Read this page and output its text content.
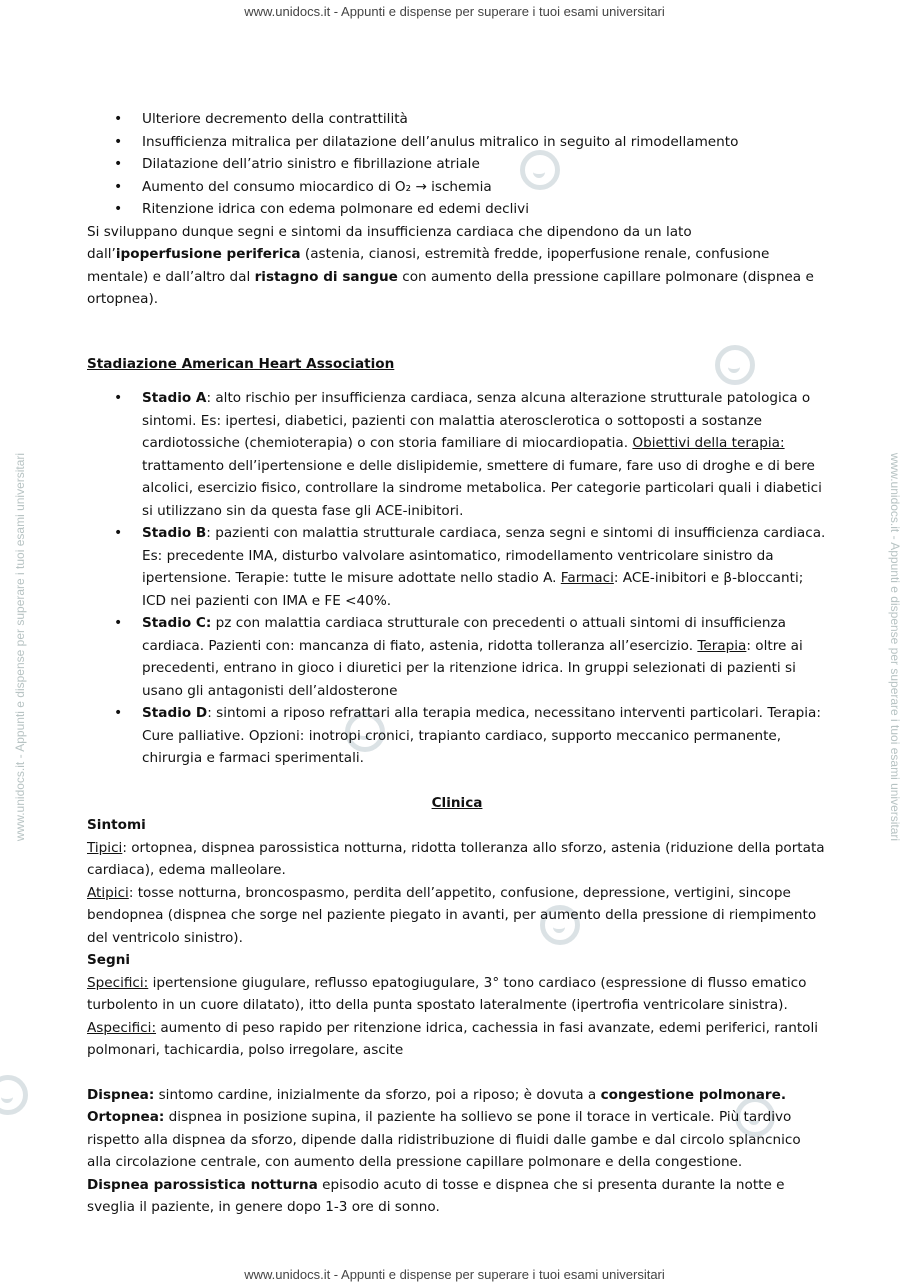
www.unidocs.it - Appunti e dispense per superare i tuoi esami universitari
www.unidocs.it - Appunti e dispense per superare i tuoi esami universitari	www.unidocs.it - Appunti e dispense per superare i tuoi esami universitari
• Ulteriore decremento della contrattilità
• Insufficienza mitralica per dilatazione dell’anulus mitralico in seguito al rimodellamento
• Dilatazione dell’atrio sinistro e fibrillazione atriale
• Aumento del consumo miocardico di O₂ → ischemia
• Ritenzione idrica con edema polmonare ed edemi declivi

Si sviluppano dunque segni e sintomi da insufficienza cardiaca che dipendono da un lato dall’ipoperfusione periferica (astenia, cianosi, estremità fredde, ipoperfusione renale, confusione mentale) e dall’altro dal ristagno di sangue con aumento della pressione capillare polmonare (dispnea e ortopnea).

Stadiazione American Heart Association

• Stadio A: alto rischio per insufficienza cardiaca, senza alcuna alterazione strutturale patologica o sintomi. Es: ipertesi, diabetici, pazienti con malattia aterosclerotica o sottoposti a sostanze cardiotossiche (chemioterapia) o con storia familiare di miocardiopatia. Obiettivi della terapia: trattamento dell’ipertensione e delle dislipidemie, smettere di fumare, fare uso di droghe e di bere alcolici, esercizio fisico, controllare la sindrome metabolica. Per categorie particolari quali i diabetici si utilizzano sin da questa fase gli ACE-inibitori.
• Stadio B: pazienti con malattia strutturale cardiaca, senza segni e sintomi di insufficienza cardiaca. Es: precedente IMA, disturbo valvolare asintomatico, rimodellamento ventricolare sinistro da ipertensione. Terapie: tutte le misure adottate nello stadio A. Farmaci: ACE-inibitori e β-bloccanti; ICD nei pazienti con IMA e FE <40%.
• Stadio C: pz con malattia cardiaca strutturale con precedenti o attuali sintomi di insufficienza cardiaca. Pazienti con: mancanza di fiato, astenia, ridotta tolleranza all’esercizio. Terapia: oltre ai precedenti, entrano in gioco i diuretici per la ritenzione idrica. In gruppi selezionati di pazienti si usano gli antagonisti dell’aldosterone
• Stadio D: sintomi a riposo refrattari alla terapia medica, necessitano interventi particolari. Terapia: Cure palliative. Opzioni: inotropi cronici, trapianto cardiaco, supporto meccanico permanente, chirurgia e farmaci sperimentali.

Clinica

Sintomi

Tipici: ortopnea, dispnea parossistica notturna, ridotta tolleranza allo sforzo, astenia (riduzione della portata cardiaca), edema malleolare.

Atipici: tosse notturna, broncospasmo, perdita dell’appetito, confusione, depressione, vertigini, sincope bendopnea (dispnea che sorge nel paziente piegato in avanti, per aumento della pressione di riempimento del ventricolo sinistro).

Segni

Specifici: ipertensione giugulare, reflusso epatogiugulare, 3° tono cardiaco (espressione di flusso ematico turbolento in un cuore dilatato), itto della punta spostato lateralmente (ipertrofia ventricolare sinistra).

Aspecifici: aumento di peso rapido per ritenzione idrica, cachessia in fasi avanzate, edemi periferici, rantoli polmonari, tachicardia, polso irregolare, ascite

Dispnea: sintomo cardine, inizialmente da sforzo, poi a riposo; è dovuta a congestione polmonare.

Ortopnea: dispnea in posizione supina, il paziente ha sollievo se pone il torace in verticale. Più tardivo rispetto alla dispnea da sforzo, dipende dalla ridistribuzione di fluidi dalle gambe e dal circolo splancnico alla circolazione centrale, con aumento della pressione capillare polmonare e della congestione.

Dispnea parossistica notturna episodio acuto di tosse e dispnea che si presenta durante la notte e sveglia il paziente, in genere dopo 1-3 ore di sonno.

www.unidocs.it - Appunti e dispense per superare i tuoi esami universitari
